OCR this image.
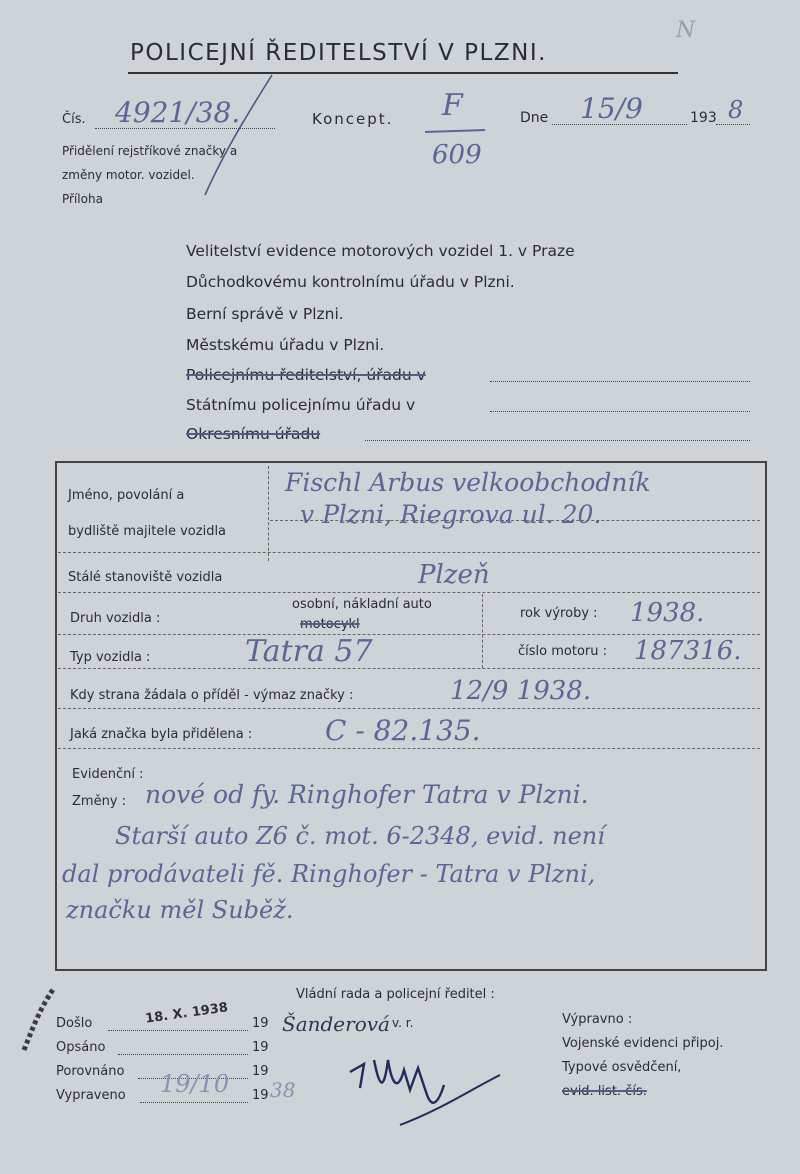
POLICEJNÍ ŘEDITELSTVÍ V PLZNI.
N
Čís. 4921/38.	Koncept. F
609
Dne 15/9	193 8
Přidělení rejstříkové značky a
změny motor. vozidel.
Příloha
Velitelství evidence motorových vozidel 1. v Praze
Důchodkovému kontrolnímu úřadu v Plzni.
Berní správě v Plzni.
Městskému úřadu v Plzni.
Policejnímu ředitelství, úřadu v
Státnímu policejnímu úřadu v
Okresnímu úřadu
Jméno, povolání a
bydliště majitele vozidla
Fischl Arbus velkoobchodník
v Plzni, Riegrova ul. 20.
Stálé stanoviště vozidla	Plzeň
Druh vozidla :
osobní, nákladní auto
motocykl
rok výroby : 1938.
Typ vozidla :	Tatra 57	číslo motoru : 187316.
Kdy strana žádala o příděl - výmaz značky :	12/9 1938.
Jaká značka byla přidělena :	C - 82.135.
Evidenční :
Změny : nové od fy. Ringhofer Tatra v Plzni.
Starší auto Z6 č. mot. 6-2348, evid. není
dal prodávateli fě. Ringhofer - Tatra v Plzni,
značku měl Suběž.
Vládní rada a policejní ředitel :
Šanderová v. r.
Došlo	18. X. 1938 19
Opsáno	19
Porovnáno	19
Vypraveno 19/10 19 38
Výpravno :
Vojenské evidenci připoj.
Typové osvědčení,
evid. list. čís.
